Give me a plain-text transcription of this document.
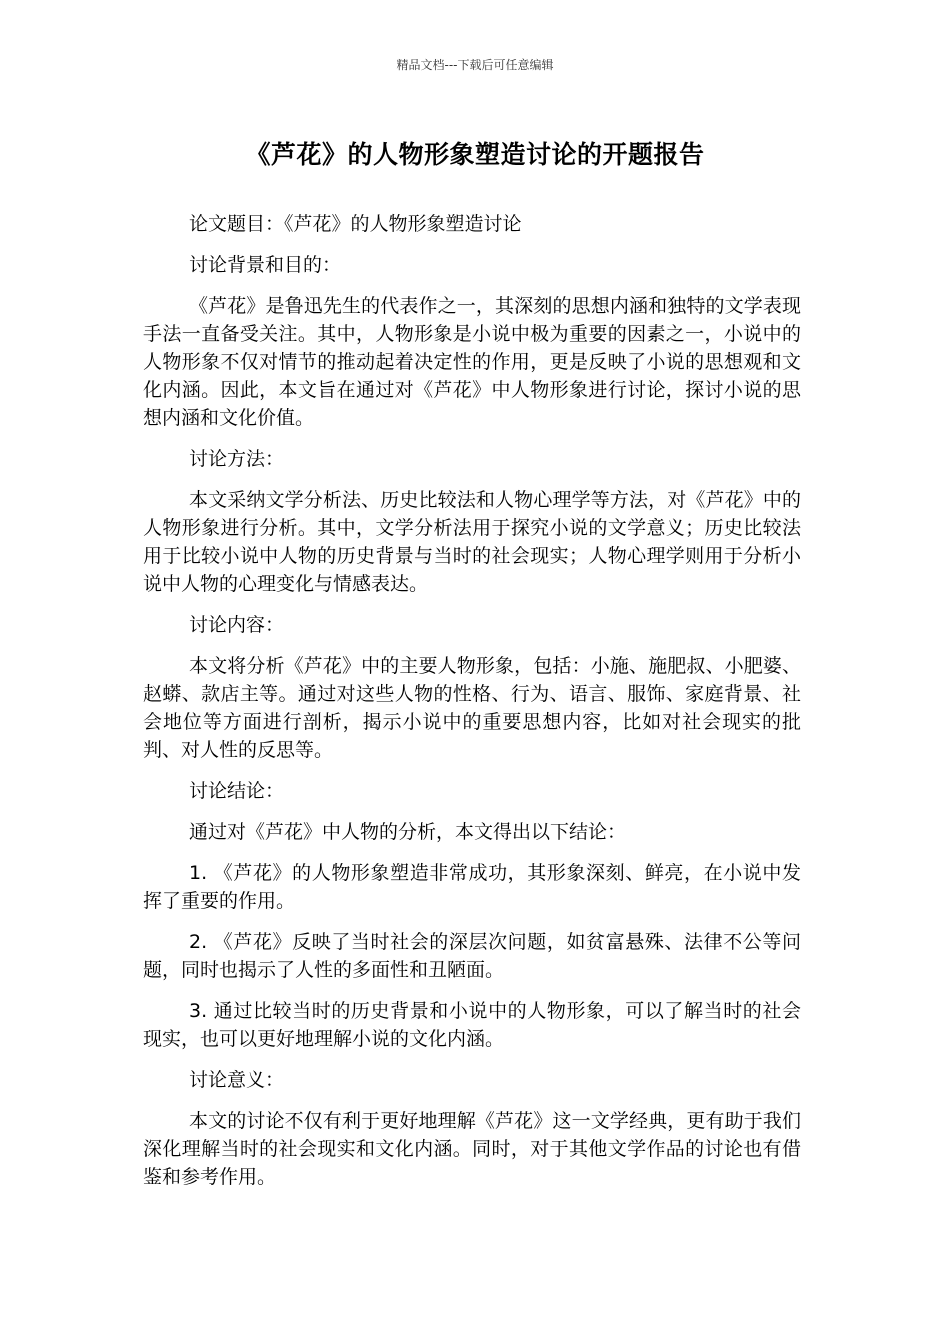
精品文档---下载后可任意编辑
《芦花》的人物形象塑造讨论的开题报告

论文题目：《芦花》的人物形象塑造讨论

讨论背景和目的：

《芦花》是鲁迅先生的代表作之一，其深刻的思想内涵和独特的文学表现手法一直备受关注。其中，人物形象是小说中极为重要的因素之一，小说中的人物形象不仅对情节的推动起着决定性的作用，更是反映了小说的思想观和文化内涵。因此，本文旨在通过对《芦花》中人物形象进行讨论，探讨小说的思想内涵和文化价值。

讨论方法：

本文采纳文学分析法、历史比较法和人物心理学等方法，对《芦花》中的人物形象进行分析。其中，文学分析法用于探究小说的文学意义；历史比较法用于比较小说中人物的历史背景与当时的社会现实；人物心理学则用于分析小说中人物的心理变化与情感表达。

讨论内容：

本文将分析《芦花》中的主要人物形象，包括：小施、施肥叔、小肥婆、赵蟒、款店主等。通过对这些人物的性格、行为、语言、服饰、家庭背景、社会地位等方面进行剖析，揭示小说中的重要思想内容，比如对社会现实的批判、对人性的反思等。

讨论结论：

通过对《芦花》中人物的分析，本文得出以下结论：

1. 《芦花》的人物形象塑造非常成功，其形象深刻、鲜亮，在小说中发挥了重要的作用。

2. 《芦花》反映了当时社会的深层次问题，如贫富悬殊、法律不公等问题，同时也揭示了人性的多面性和丑陋面。

3. 通过比较当时的历史背景和小说中的人物形象，可以了解当时的社会现实，也可以更好地理解小说的文化内涵。

讨论意义：

本文的讨论不仅有利于更好地理解《芦花》这一文学经典，更有助于我们深化理解当时的社会现实和文化内涵。同时，对于其他文学作品的讨论也有借鉴和参考作用。
